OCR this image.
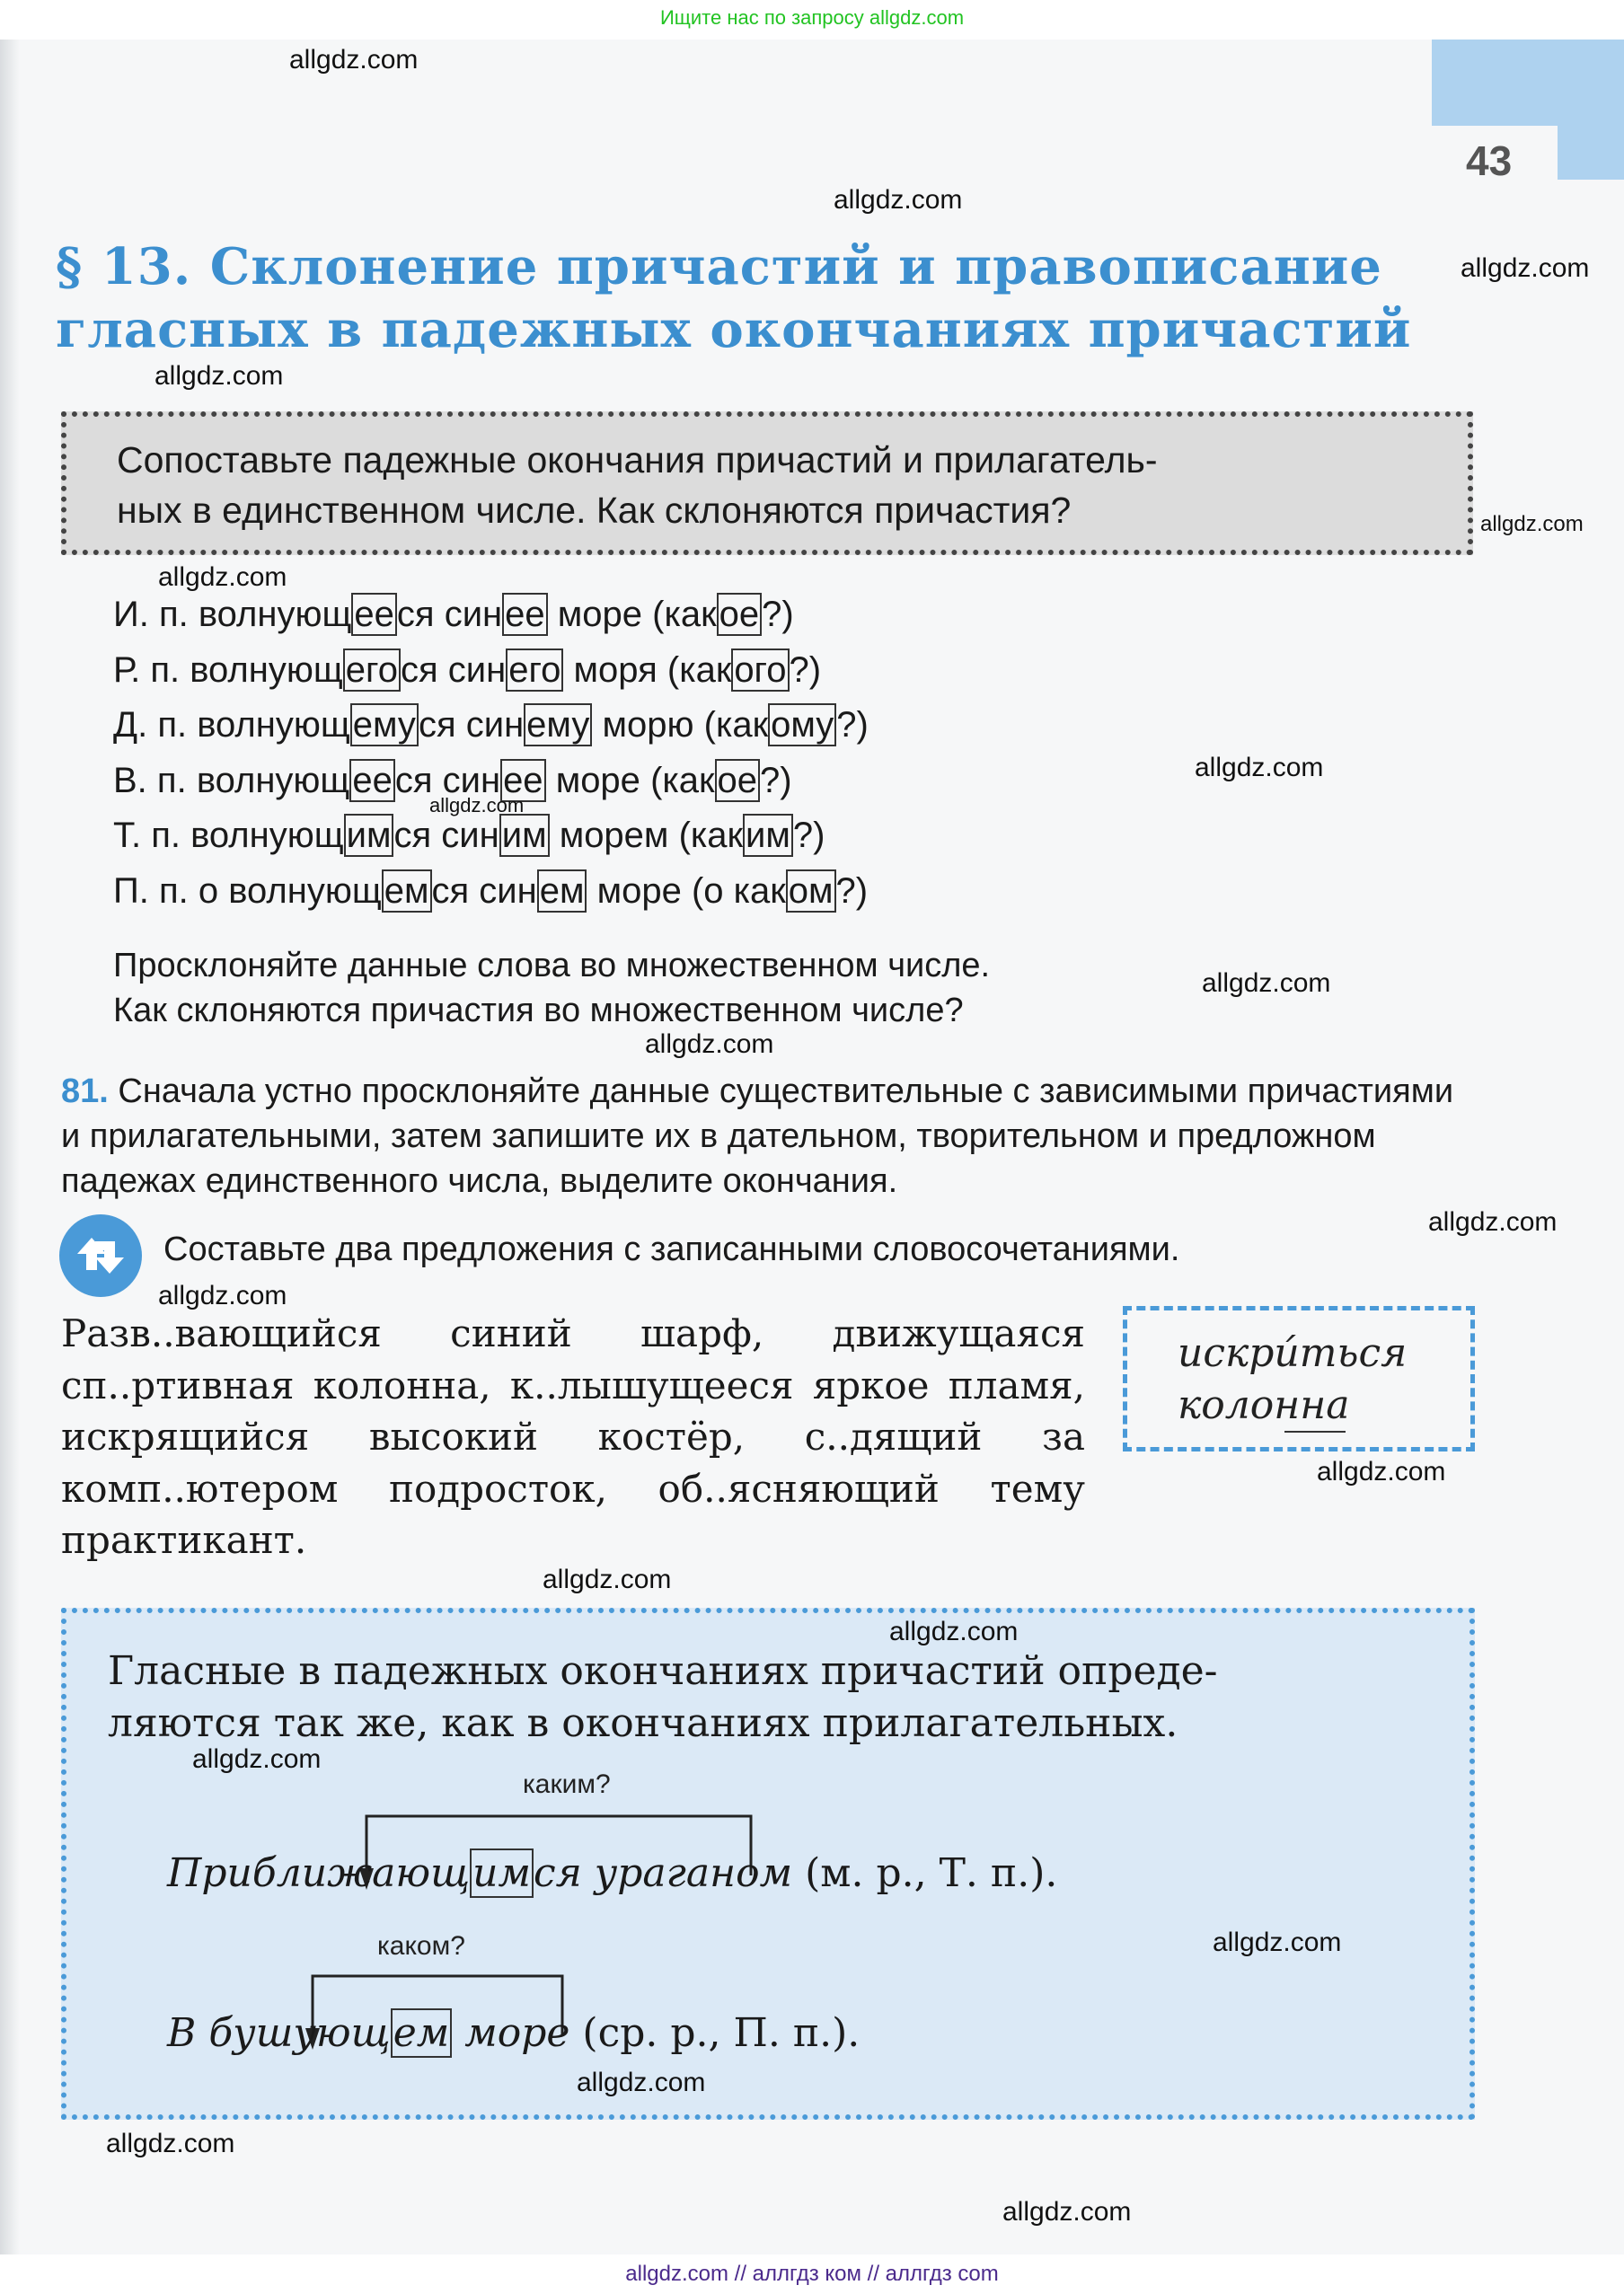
Ищите нас по запросу allgdz.com
43
§ 13. Склонение причастий и правописание
гласных в падежных окончаниях причастий

Сопоставьте падежные окончания причастий и прилагатель-
ных в единственном числе. Как склоняются причастия?

И. п. волнующееся синее море (какое?)
Р. п. волнующегося синего моря (какого?)
Д. п. волнующемуся синему морю (какому?)
В. п. волнующееся синее море (какое?)
Т. п. волнующимся синим морем (каким?)
П. п. о волнующемся синем море (о каком?)
Просклоняйте данные слова во множественном числе.
Как склоняются причастия во множественном числе?
81. Сначала устно просклоняйте данные существительные с зависимыми причастиями и прилагательными, затем запишите их в дательном, творительном и предложном падежах единственного числа, выделите окончания.
Составьте два предложения с записанными словосочетаниями.
Разв..вающийся синий шарф, движущаяся сп..ртивная колонна, к..лышущееся яркое пламя, искрящийся высокий костёр, с..дящий за комп..ютером подросток, об..ясняющий тему практикант.
искри́ться
колонна
Гласные в падежных окончаниях причастий опреде-
ляются так же, как в окончаниях прилагательных.
каким?
Приближающимся ураганом (м. р., Т. п.).
каком?
В бушующем море (ср. р., П. п.).
allgdz.com
allgdz.com
allgdz.com
allgdz.com
allgdz.com
allgdz.com
allgdz.com
allgdz.com
allgdz.com
allgdz.com
allgdz.com
allgdz.com
allgdz.com
allgdz.com
allgdz.com
allgdz.com
allgdz.com
allgdz.com
allgdz.com
allgdz.com
allgdz.com // аллгдз ком // аллгдз com
